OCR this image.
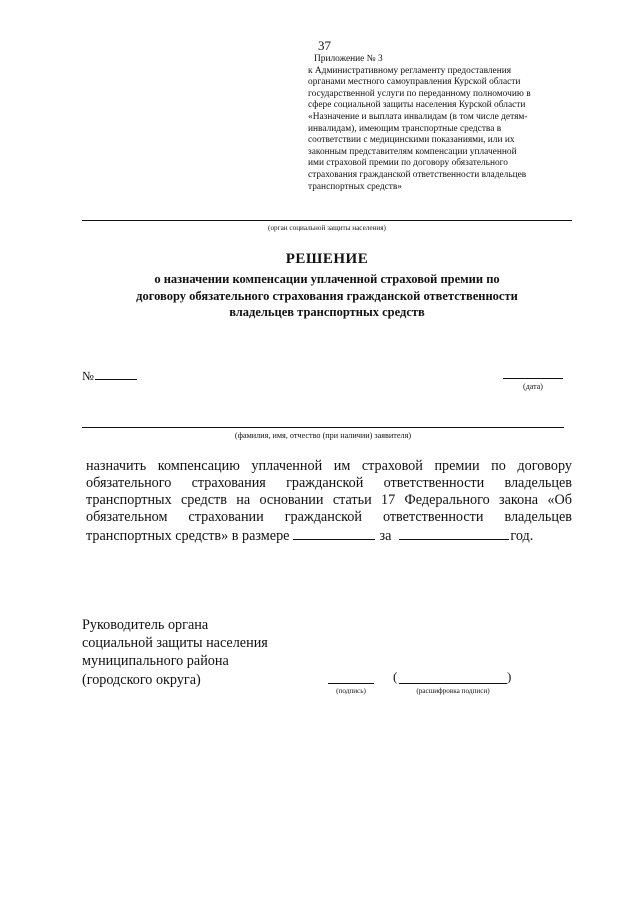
37
Приложение № 3
к Административному регламенту предоставления
органами местного самоуправления Курской области
государственной услуги по переданному полномочию в
сфере социальной защиты населения Курской области
«Назначение и выплата инвалидам (в том числе детям-
инвалидам), имеющим транспортные средства в
соответствии с медицинскими показаниями, или их
законным представителям компенсации уплаченной
ими страховой премии по договору обязательного
страхования гражданской ответственности владельцев
транспортных средств»
(орган социальной защиты населения)
РЕШЕНИЕ
о назначении компенсации уплаченной страховой премии по
договору обязательного страхования гражданской ответственности
владельцев транспортных средств
№
(дата)
(фамилия, имя, отчество (при наличии) заявителя)
назначить компенсацию уплаченной им страховой премии по договору
обязательного страхования гражданской ответственности владельцев
транспортных средств на основании статьи 17 Федерального закона «Об
обязательном страховании гражданской ответственности владельцев
транспортных средств» в размере	за	год.
Руководитель органа
социальной защиты населения
муниципального района
(городского округа)
(подпись)
(	)
(расшифровка подписи)
